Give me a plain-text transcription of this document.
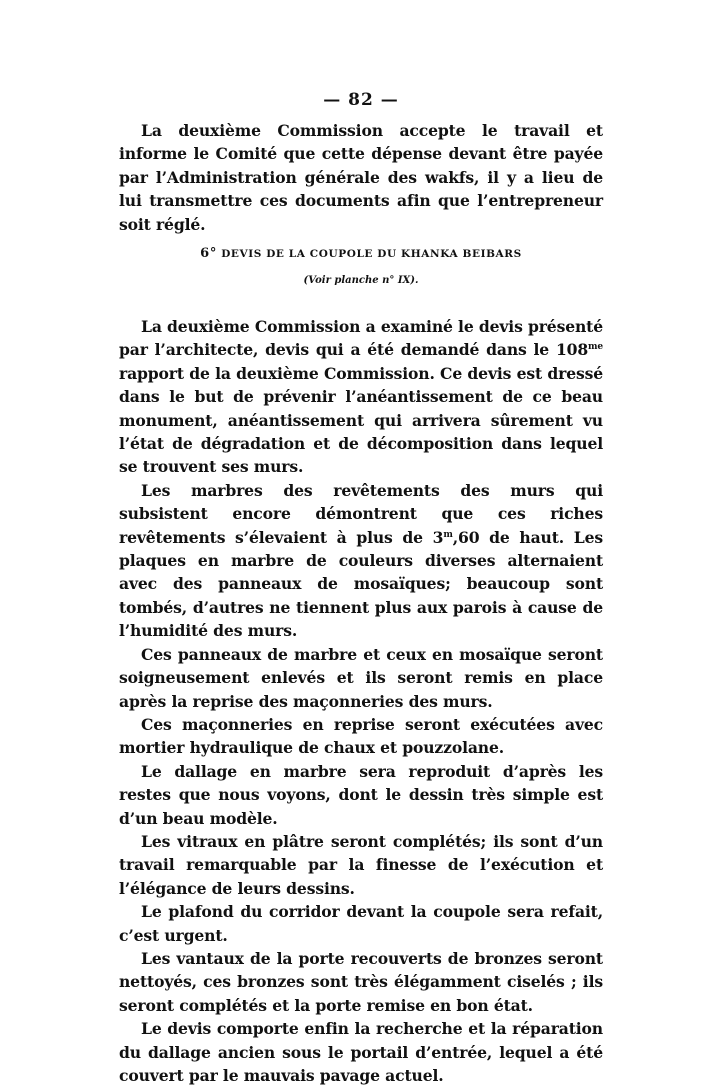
— 82 —

La deuxième Commission accepte le travail et informe le Comité que cette dépense devant être payée par l’Administration générale des wakfs, il y a lieu de lui transmettre ces documents afin que l’entrepreneur soit réglé.

6° DEVIS DE LA COUPOLE DU KHANKA BEIBARS
(Voir planche n° IX).

La deuxième Commission a examiné le devis présenté par l’architecte, devis qui a été demandé dans le $108^{me}$ rapport de la deuxième Commission. Ce devis est dressé dans le but de prévenir l’anéantissement de ce beau monument, anéantissement qui arrivera sûrement vu l’état de dégradation et de décomposition dans lequel se trouvent ses murs.

Les marbres des revêtements des murs qui subsistent encore démontrent que ces riches revêtements s’élevaient à plus de 3$^m$,60 de haut. Les plaques en marbre de couleurs diverses alternaient avec des panneaux de mosaïques; beaucoup sont tombés, d’autres ne tiennent plus aux parois à cause de l’humidité des murs.

Ces panneaux de marbre et ceux en mosaïque seront soigneusement enlevés et ils seront remis en place après la reprise des maçonneries des murs.

Ces maçonneries en reprise seront exécutées avec mortier hydraulique de chaux et pouzzolane.

Le dallage en marbre sera reproduit d’après les restes que nous voyons, dont le dessin très simple est d’un beau modèle.

Les vitraux en plâtre seront complétés; ils sont d’un travail remarquable par la finesse de l’exécution et l’élégance de leurs dessins.

Le plafond du corridor devant la coupole sera refait, c’est urgent.

Les vantaux de la porte recouverts de bronzes seront nettoyés, ces bronzes sont très élégamment ciselés ; ils seront complétés et la porte remise en bon état.

Le devis comporte enfin la recherche et la réparation du dallage ancien sous le portail d’entrée, lequel a été couvert par le mauvais pavage actuel.
